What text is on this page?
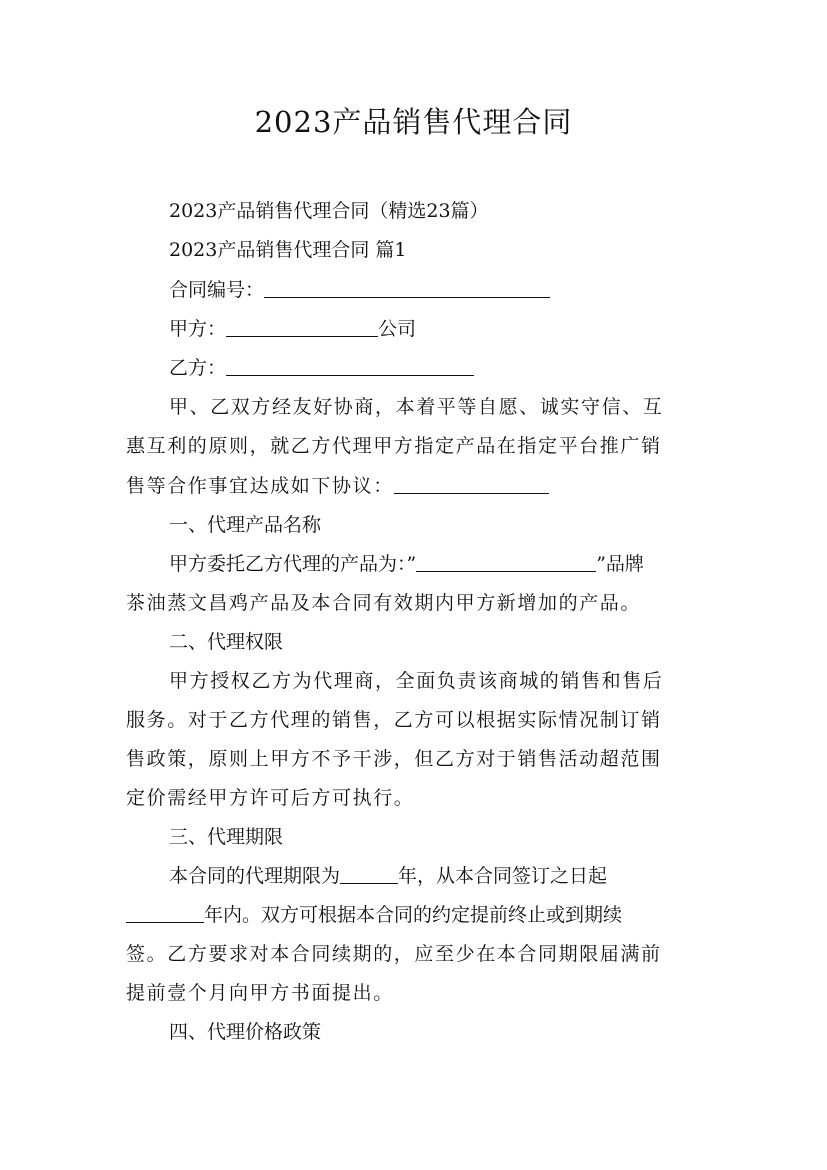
2023产品销售代理合同
2023产品销售代理合同（精选23篇）
2023产品销售代理合同 篇1
合同编号：
甲方：	公司
乙方：
甲、乙双方经友好协商，本着平等自愿、诚实守信、互
惠互利的原则，就乙方代理甲方指定产品在指定平台推广销
售等合作事宜达成如下协议：
一、代理产品名称
甲方委托乙方代理的产品为：”	”品牌
茶油蒸文昌鸡产品及本合同有效期内甲方新增加的产品。
二、代理权限
甲方授权乙方为代理商，全面负责该商城的销售和售后
服务。对于乙方代理的销售，乙方可以根据实际情况制订销
售政策，原则上甲方不予干涉，但乙方对于销售活动超范围
定价需经甲方许可后方可执行。
三、代理期限
本合同的代理期限为	年，从本合同签订之日起
年内。双方可根据本合同的约定提前终止或到期续
签。乙方要求对本合同续期的，应至少在本合同期限届满前
提前壹个月向甲方书面提出。
四、代理价格政策
